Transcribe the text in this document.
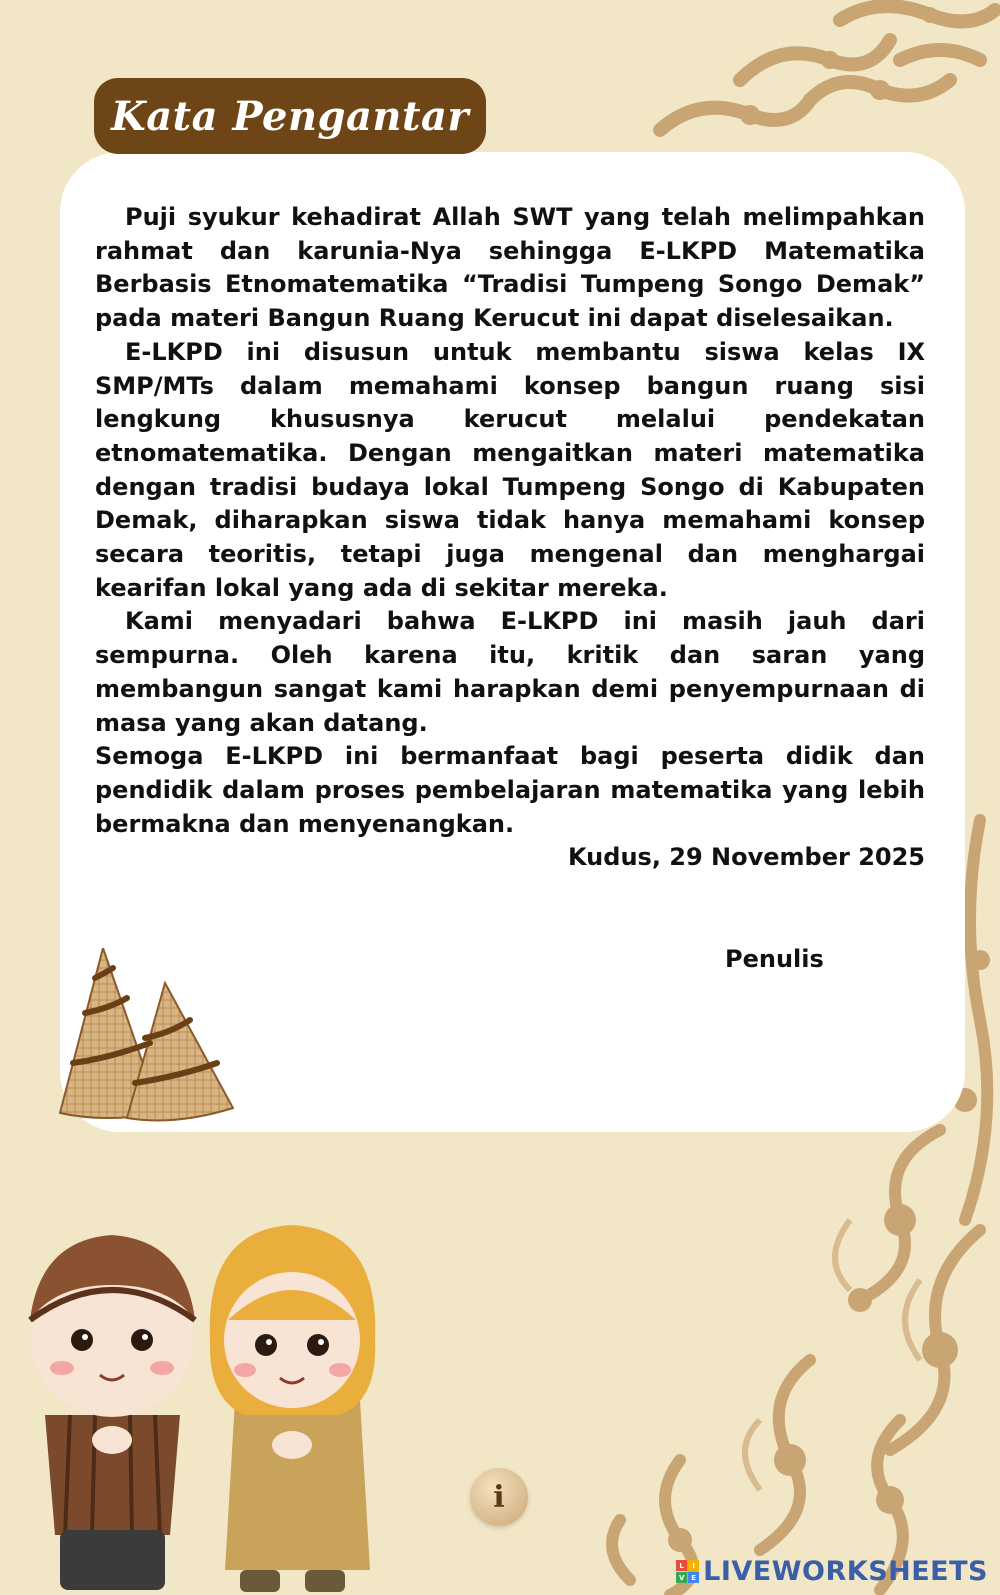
Kata Pengantar

Puji syukur kehadirat Allah SWT yang telah melimpahkan rahmat dan karunia-Nya sehingga E-LKPD Matematika Berbasis Etnomatematika “Tradisi Tumpeng Songo Demak” pada materi Bangun Ruang Kerucut ini dapat diselesaikan.

E-LKPD ini disusun untuk membantu siswa kelas IX SMP/MTs dalam memahami konsep bangun ruang sisi lengkung khususnya kerucut melalui pendekatan etnomatematika. Dengan mengaitkan materi matematika dengan tradisi budaya lokal Tumpeng Songo di Kabupaten Demak, diharapkan siswa tidak hanya memahami konsep secara teoritis, tetapi juga mengenal dan menghargai kearifan lokal yang ada di sekitar mereka.

Kami menyadari bahwa E-LKPD ini masih jauh dari sempurna. Oleh karena itu, kritik dan saran yang membangun sangat kami harapkan demi penyempurnaan di masa yang akan datang.

Semoga E-LKPD ini bermanfaat bagi peserta didik dan pendidik dalam proses pembelajaran matematika yang lebih bermakna dan menyenangkan.

Kudus, 29 November 2025
Penulis
i
L	I
V E LIVEWORKSHEETS
